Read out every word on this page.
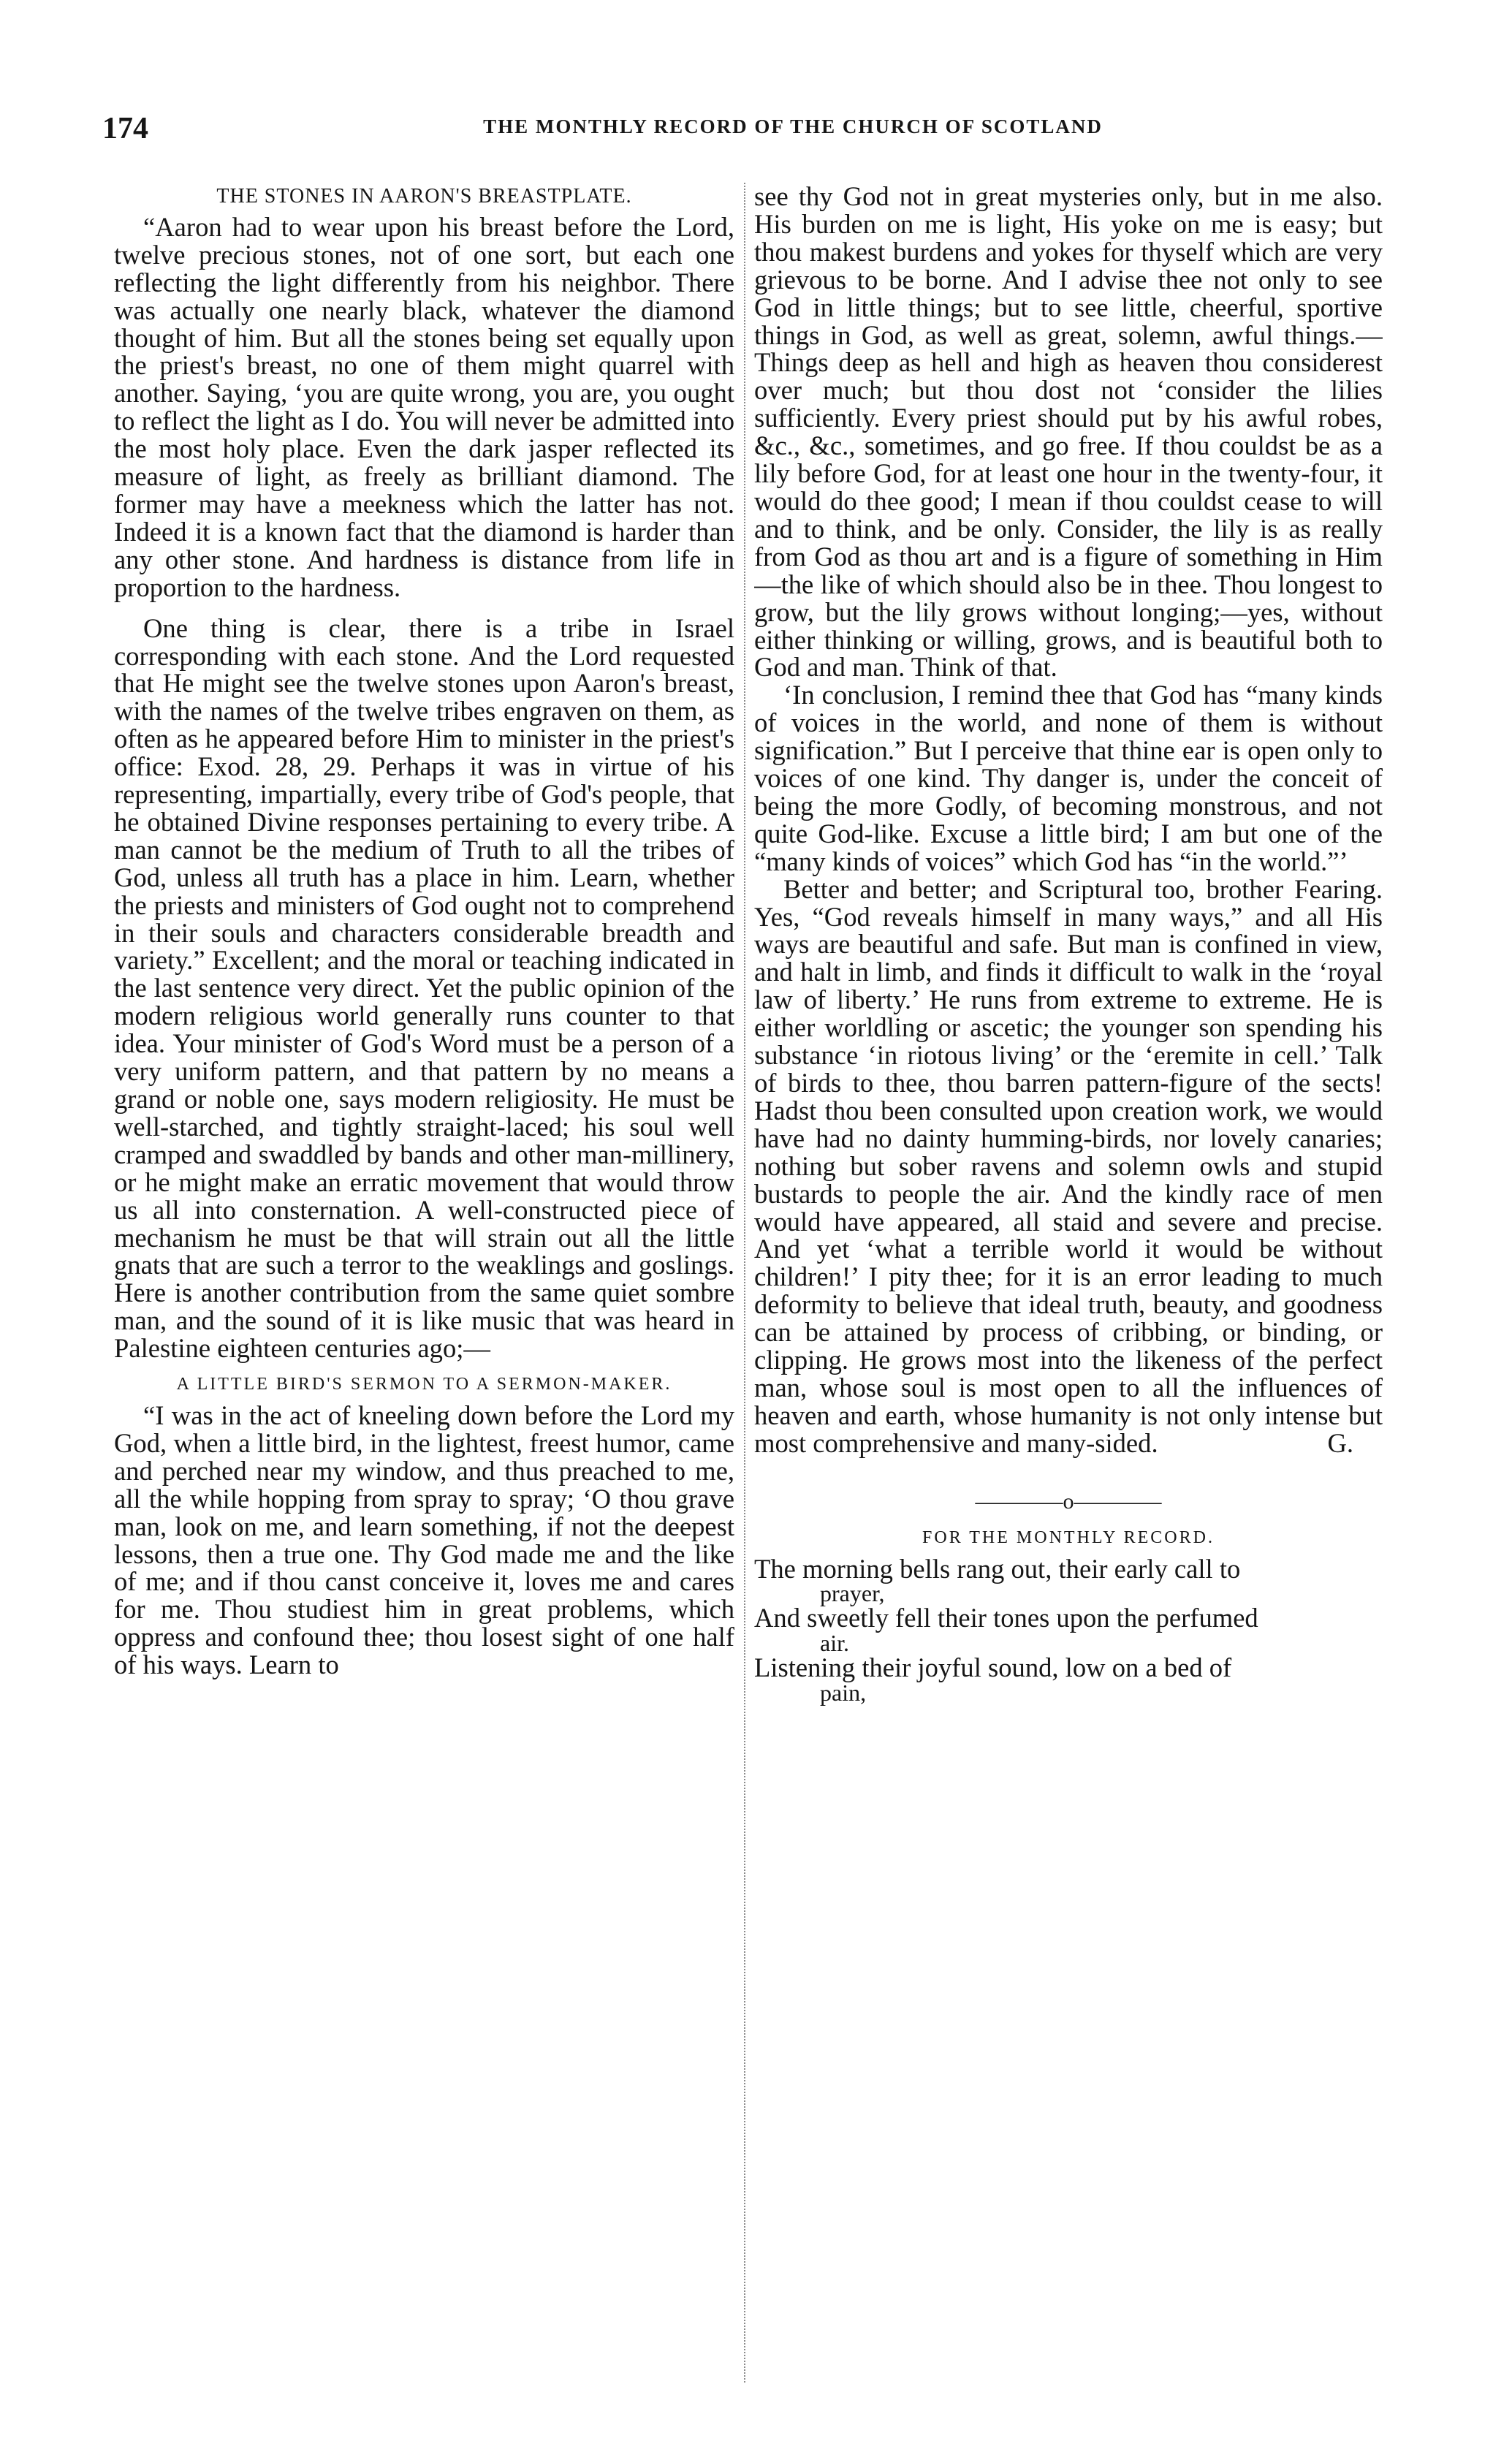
174	THE MONTHLY RECORD OF THE CHURCH OF SCOTLAND
THE STONES IN AARON'S BREASTPLATE.

“Aaron had to wear upon his breast before the Lord, twelve precious stones, not of one sort, but each one reflecting the light differently from his neighbor. There was actually one nearly black, whatever the diamond thought of him. But all the stones being set equally upon the priest's breast, no one of them might quarrel with another. Saying, ‘you are quite wrong, you are, you ought to reflect the light as I do. You will never be admitted into the most holy place. Even the dark jasper reflected its measure of light, as freely as brilliant diamond. The former may have a meekness which the latter has not. Indeed it is a known fact that the diamond is harder than any other stone. And hardness is distance from life in proportion to the hardness.

One thing is clear, there is a tribe in Israel corresponding with each stone. And the Lord requested that He might see the twelve stones upon Aaron's breast, with the names of the twelve tribes engraven on them, as often as he appeared before Him to minister in the priest's office: Exod. 28, 29. Perhaps it was in virtue of his representing, impartially, every tribe of God's people, that he obtained Divine responses pertaining to every tribe. A man cannot be the medium of Truth to all the tribes of God, unless all truth has a place in him. Learn, whether the priests and ministers of God ought not to comprehend in their souls and characters considerable breadth and variety.” Excellent; and the moral or teaching indicated in the last sentence very direct. Yet the public opinion of the modern religious world generally runs counter to that idea. Your minister of God's Word must be a person of a very uniform pattern, and that pattern by no means a grand or noble one, says modern religiosity. He must be well-starched, and tightly straight-laced; his soul well cramped and swaddled by bands and other man-millinery, or he might make an erratic movement that would throw us all into consternation. A well-constructed piece of mechanism he must be that will strain out all the little gnats that are such a terror to the weaklings and goslings. Here is another contribution from the same quiet sombre man, and the sound of it is like music that was heard in Palestine eighteen centuries ago;—

A LITTLE BIRD'S SERMON TO A SERMON-MAKER.

“I was in the act of kneeling down before the Lord my God, when a little bird, in the lightest, freest humor, came and perched near my window, and thus preached to me, all the while hopping from spray to spray; ‘O thou grave man, look on me, and learn something, if not the deepest lessons, then a true one. Thy God made me and the like of me; and if thou canst conceive it, loves me and cares for me. Thou studiest him in great problems, which oppress and confound thee; thou losest sight of one half of his ways. Learn to

see thy God not in great mysteries only, but in me also. His burden on me is light, His yoke on me is easy; but thou makest burdens and yokes for thyself which are very grievous to be borne. And I advise thee not only to see God in little things; but to see little, cheerful, sportive things in God, as well as great, solemn, awful things.—Things deep as hell and high as heaven thou considerest over much; but thou dost not ‘consider the lilies sufficiently. Every priest should put by his awful robes, &c., &c., sometimes, and go free. If thou couldst be as a lily before God, for at least one hour in the twenty-four, it would do thee good; I mean if thou couldst cease to will and to think, and be only. Consider, the lily is as really from God as thou art and is a figure of something in Him—the like of which should also be in thee. Thou longest to grow, but the lily grows without longing;—yes, without either thinking or willing, grows, and is beautiful both to God and man. Think of that.

‘In conclusion, I remind thee that God has “many kinds of voices in the world, and none of them is without signification.” But I perceive that thine ear is open only to voices of one kind. Thy danger is, under the conceit of being the more Godly, of becoming monstrous, and not quite God-like. Excuse a little bird; I am but one of the “many kinds of voices” which God has “in the world.”’

Better and better; and Scriptural too, brother Fearing. Yes, “God reveals himself in many ways,” and all His ways are beautiful and safe. But man is confined in view, and halt in limb, and finds it difficult to walk in the ‘royal law of liberty.’ He runs from extreme to extreme. He is either worldling or ascetic; the younger son spending his substance ‘in riotous living’ or the ‘eremite in cell.’ Talk of birds to thee, thou barren pattern-figure of the sects! Hadst thou been consulted upon creation work, we would have had no dainty humming-birds, nor lovely canaries; nothing but sober ravens and solemn owls and stupid bustards to people the air. And the kindly race of men would have appeared, all staid and severe and precise. And yet ‘what a terrible world it would be without children!’ I pity thee; for it is an error leading to much deformity to believe that ideal truth, beauty, and goodness can be attained by process of cribbing, or binding, or clipping. He grows most into the likeness of the perfect man, whose soul is most open to all the influences of heaven and earth, whose humanity is not only intense but most comprehensive and many-sided.	G.
————o————
FOR THE MONTHLY RECORD.

The morning bells rang out, their early call to

prayer,

And sweetly fell their tones upon the perfumed

air.

Listening their joyful sound, low on a bed of

pain,
